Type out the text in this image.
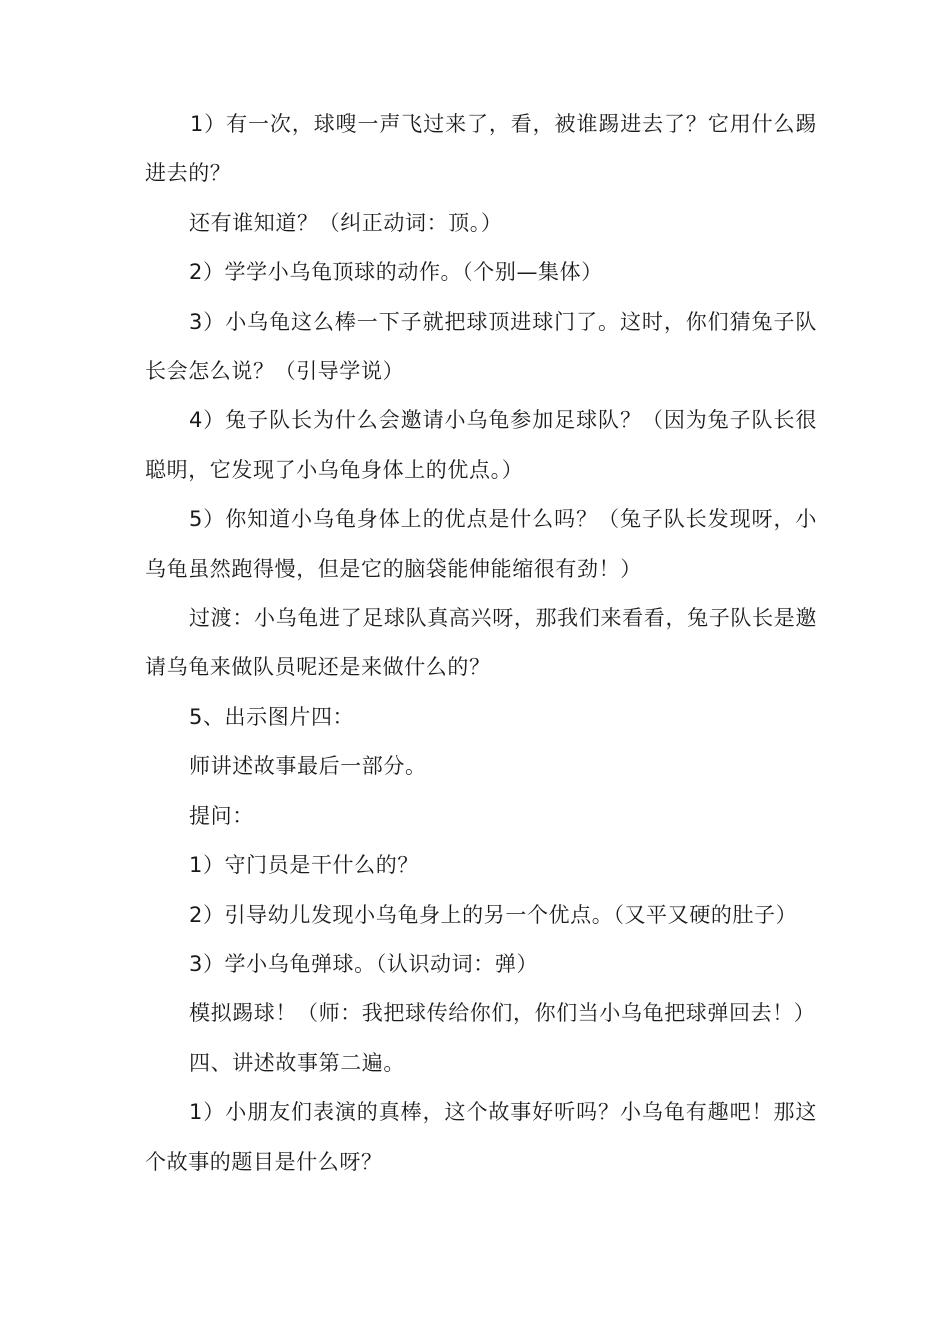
1）有一次，球嗖一声飞过来了，看，被谁踢进去了？它用什么踢进去的？

还有谁知道？（纠正动词：顶。）

2）学学小乌龟顶球的动作。（个别—集体）

3）小乌龟这么棒一下子就把球顶进球门了。这时，你们猜兔子队长会怎么说？（引导学说）

4）兔子队长为什么会邀请小乌龟参加足球队？（因为兔子队长很聪明，它发现了小乌龟身体上的优点。）

5）你知道小乌龟身体上的优点是什么吗？（兔子队长发现呀，小乌龟虽然跑得慢，但是它的脑袋能伸能缩很有劲！）

过渡：小乌龟进了足球队真高兴呀，那我们来看看，兔子队长是邀请乌龟来做队员呢还是来做什么的？

5、出示图片四：

师讲述故事最后一部分。

提问：

1）守门员是干什么的？

2）引导幼儿发现小乌龟身上的另一个优点。（又平又硬的肚子）

3）学小乌龟弹球。（认识动词：弹）

模拟踢球！（师：我把球传给你们，你们当小乌龟把球弹回去！）

四、讲述故事第二遍。

1）小朋友们表演的真棒，这个故事好听吗？小乌龟有趣吧！那这个故事的题目是什么呀？
